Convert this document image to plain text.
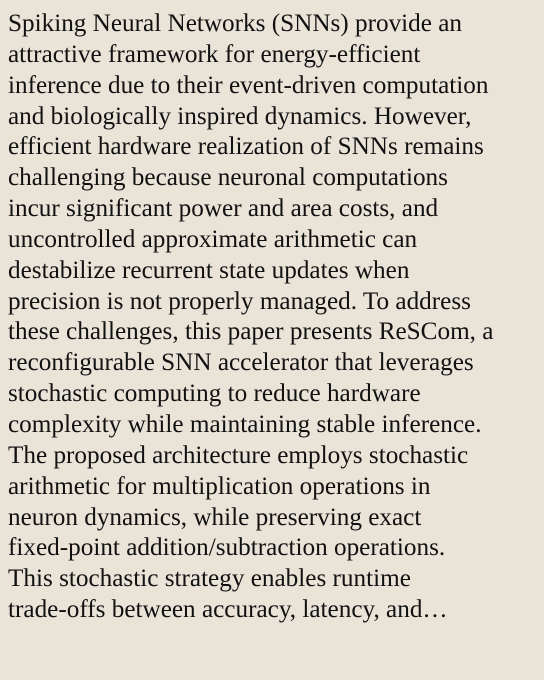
Spiking Neural Networks (SNNs) provide an
attractive framework for energy-efficient
inference due to their event-driven computation
and biologically inspired dynamics. However,
efficient hardware realization of SNNs remains
challenging because neuronal computations
incur significant power and area costs, and
uncontrolled approximate arithmetic can
destabilize recurrent state updates when
precision is not properly managed. To address
these challenges, this paper presents ReSCom, a
reconfigurable SNN accelerator that leverages
stochastic computing to reduce hardware
complexity while maintaining stable inference.
The proposed architecture employs stochastic
arithmetic for multiplication operations in
neuron dynamics, while preserving exact
fixed-point addition/subtraction operations.
This stochastic strategy enables runtime
trade-offs between accuracy, latency, and…
